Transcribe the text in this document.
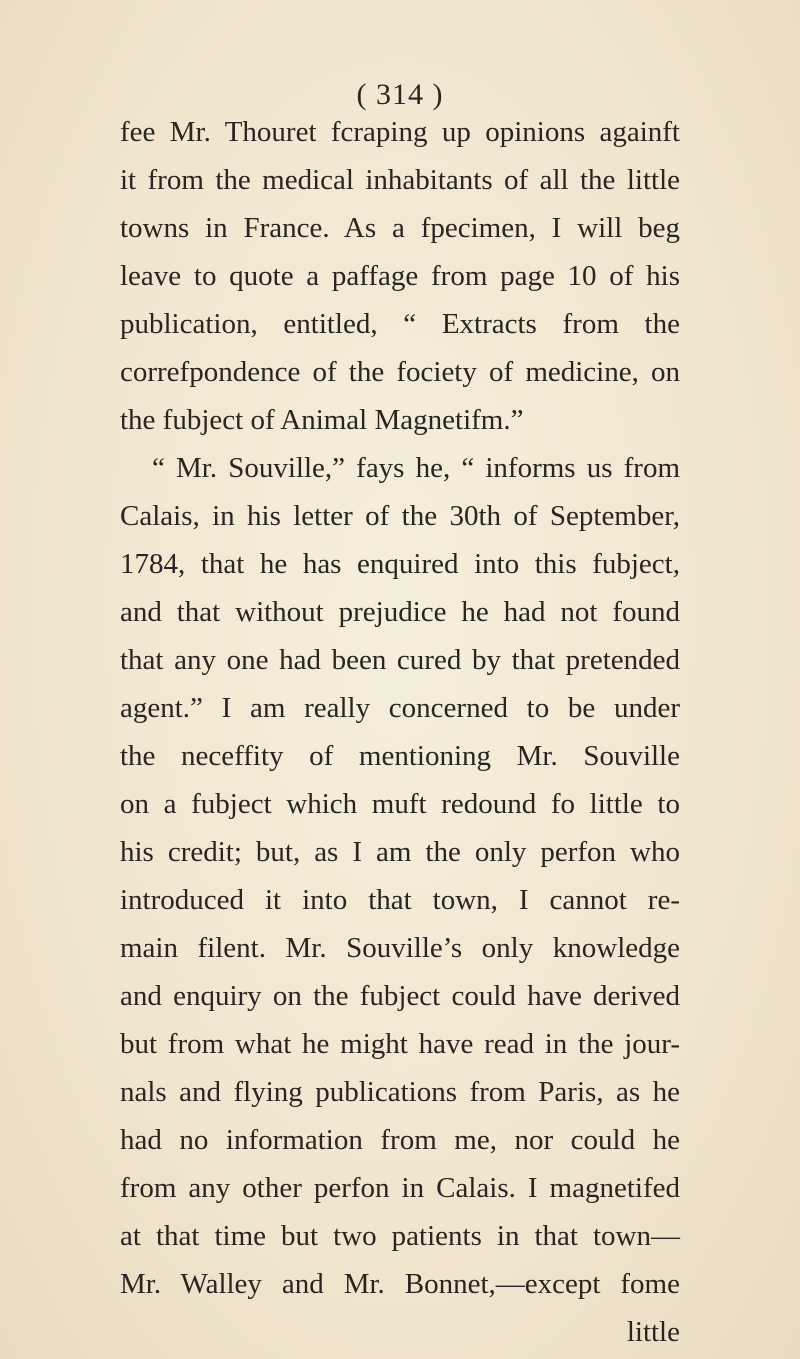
( 314 )
fee Mr. Thouret fcraping up opinions againft
it from the medical inhabitants of all the little
towns in France. As a fpecimen, I will beg
leave to quote a paffage from page 10 of his
publication, entitled, “ Extracts from the
correfpondence of the fociety of medicine, on
the fubject of Animal Magnetifm.”
“ Mr. Souville,” fays he, “ informs us from
Calais, in his letter of the 30th of September,
1784, that he has enquired into this fubject,
and that without prejudice he had not found
that any one had been cured by that pretended
agent.” I am really concerned to be under
the neceffity of mentioning Mr. Souville
on a fubject which muft redound fo little to
his credit; but, as I am the only perfon who
introduced it into that town, I cannot re-
main filent. Mr. Souville’s only knowledge
and enquiry on the fubject could have derived
but from what he might have read in the jour-
nals and flying publications from Paris, as he
had no information from me, nor could he
from any other perfon in Calais. I magnetifed
at that time but two patients in that town—
Mr. Walley and Mr. Bonnet,—except fome
little
